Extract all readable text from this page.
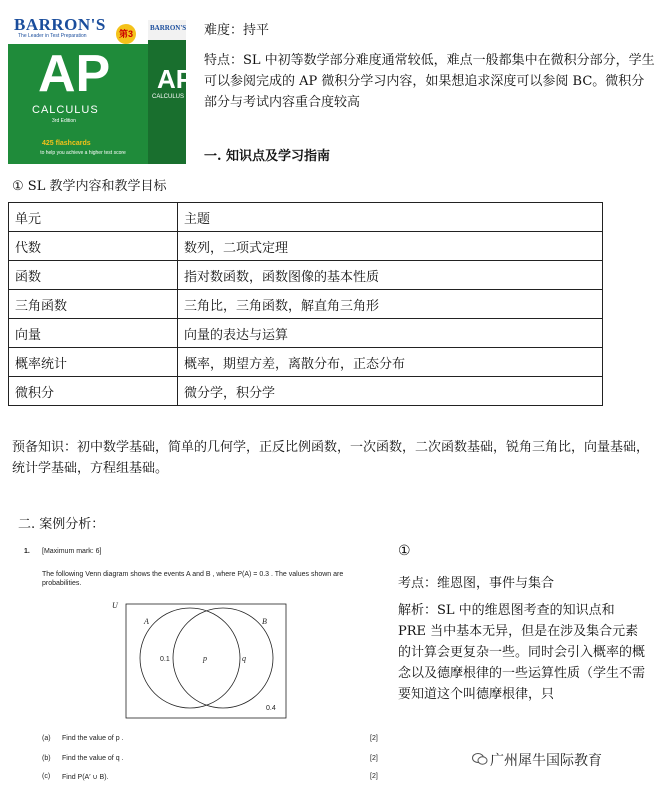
BARRON'S
AP
CALCULUS
BARRON'S
The Leader in Test Preparation	第3
AP
CALCULUS
3rd Edition
425 flashcards
to help you achieve a higher test score
难度：持平
特点：SL 中初等数学部分难度通常较低，难点一般都集中在微积分部分，学生可以参阅完成的 AP 微积分学习内容，如果想追求深度可以参阅 BC。微积分部分与考试内容重合度较高
一. 知识点及学习指南
① SL 教学内容和教学目标
单元	主题
代数	数列，二项式定理
函数	指对数函数，函数图像的基本性质
三角函数	三角比，三角函数，解直角三角形
向量	向量的表达与运算
概率统计	概率，期望方差，离散分布，正态分布
微积分	微分学，积分学
预备知识：初中数学基础，简单的几何学，正反比例函数，一次函数，二次函数基础，锐角三角比，向量基础，统计学基础，方程组基础。
二. 案例分析：
1. [Maximum mark: 6]
The following Venn diagram shows the events A and B , where P(A) = 0.3 . The values shown are probabilities.
U
A	B
0.1	p	q
0.4
(a) Find the value of p .	[2]
(b) Find the value of q .	[2]
(c) Find P(A′ ∪ B).	[2]
①
考点：维恩图，事件与集合
解析：SL 中的维恩图考查的知识点和 PRE 当中基本无异，但是在涉及集合元素的计算会更复杂一些。同时会引入概率的概念以及德摩根律的一些运算性质（学生不需要知道这个叫德摩根律，只
广州犀牛国际教育
